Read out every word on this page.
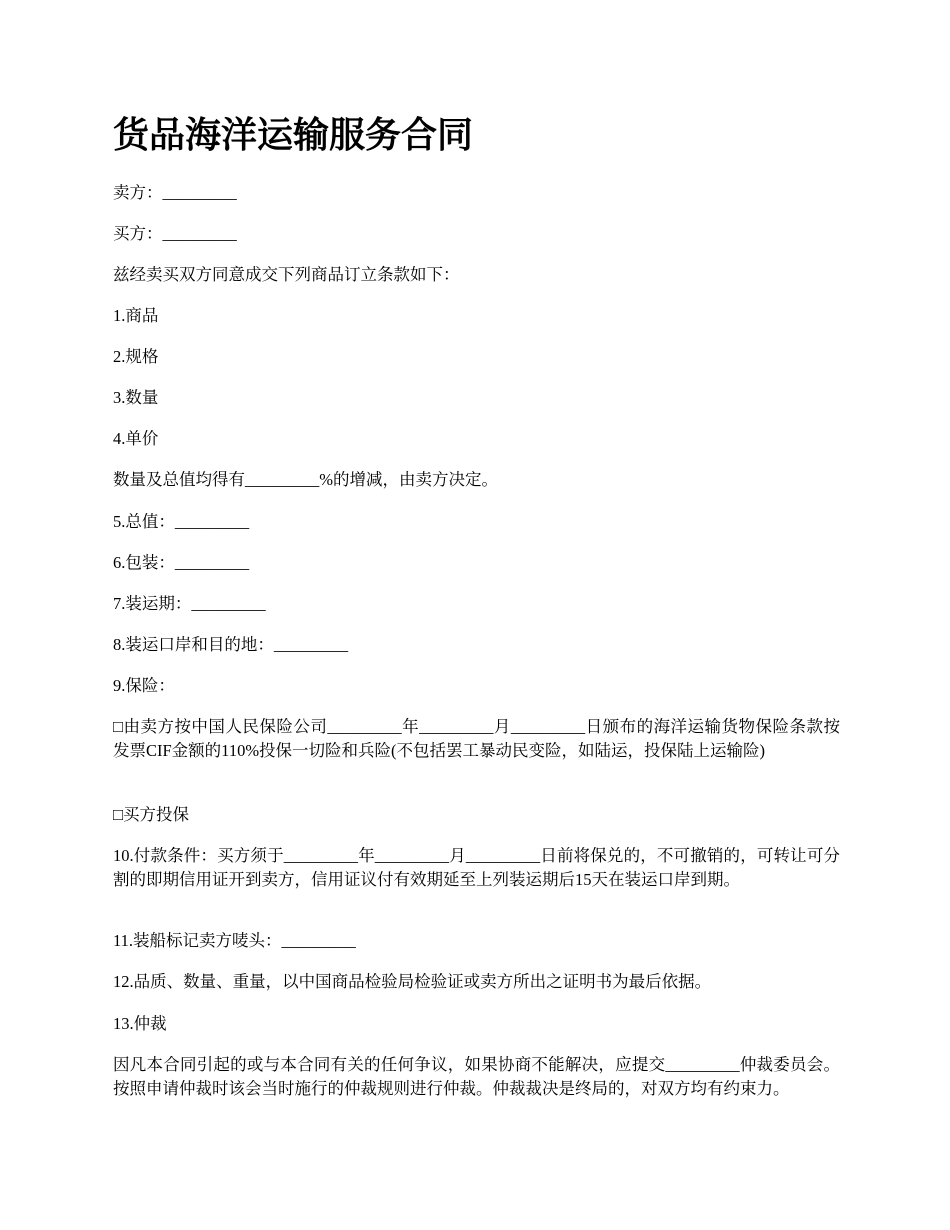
货品海洋运输服务合同

卖方：_________

买方：_________

兹经卖买双方同意成交下列商品订立条款如下：

1.商品

2.规格

3.数量

4.单价

数量及总值均得有_________%的增减，由卖方决定。

5.总值：_________

6.包装：_________

7.装运期：_________

8.装运口岸和目的地：_________

9.保险：

□由卖方按中国人民保险公司_________年_________月_________日颁布的海洋运输货物保险条款按发票CIF金额的110%投保一切险和兵险(不包括罢工暴动民变险，如陆运，投保陆上运输险)

□买方投保

10.付款条件：买方须于_________年_________月_________日前将保兑的，不可撤销的，可转让可分割的即期信用证开到卖方，信用证议付有效期延至上列装运期后15天在装运口岸到期。

11.装船标记卖方唛头：_________

12.品质、数量、重量，以中国商品检验局检验证或卖方所出之证明书为最后依据。

13.仲裁

因凡本合同引起的或与本合同有关的任何争议，如果协商不能解决，应提交_________仲裁委员会。按照申请仲裁时该会当时施行的仲裁规则进行仲裁。仲裁裁决是终局的，对双方均有约束力。
